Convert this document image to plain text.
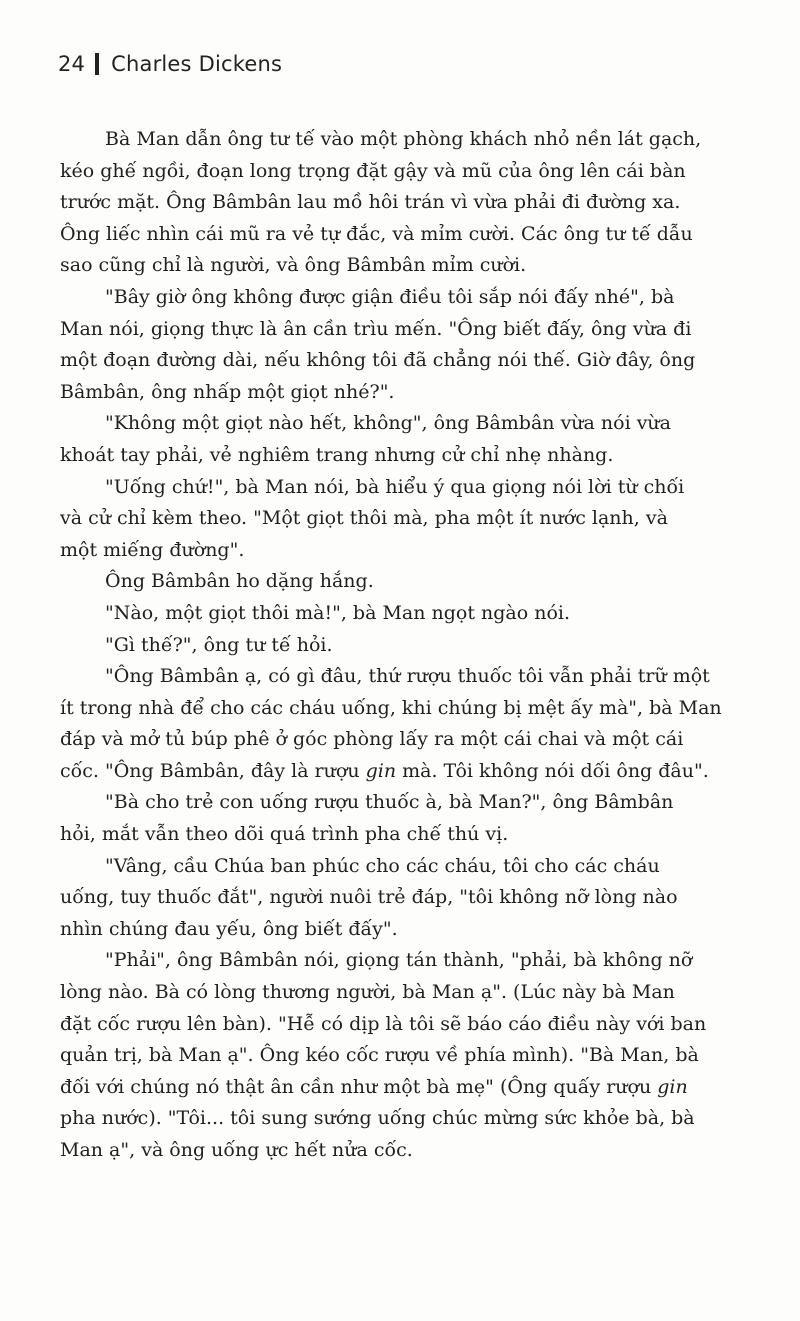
24 Charles Dickens
Bà Man dẫn ông tư tế vào một phòng khách nhỏ nền lát gạch,
kéo ghế ngồi, đoạn long trọng đặt gậy và mũ của ông lên cái bàn
trước mặt. Ông Bâmbân lau mồ hôi trán vì vừa phải đi đường xa.
Ông liếc nhìn cái mũ ra vẻ tự đắc, và mỉm cười. Các ông tư tế dẫu
sao cũng chỉ là người, và ông Bâmbân mỉm cười.
"Bây giờ ông không được giận điều tôi sắp nói đấy nhé", bà
Man nói, giọng thực là ân cần trìu mến. "Ông biết đấy, ông vừa đi
một đoạn đường dài, nếu không tôi đã chẳng nói thế. Giờ đây, ông
Bâmbân, ông nhấp một giọt nhé?".
"Không một giọt nào hết, không", ông Bâmbân vừa nói vừa
khoát tay phải, vẻ nghiêm trang nhưng cử chỉ nhẹ nhàng.
"Uống chứ!", bà Man nói, bà hiểu ý qua giọng nói lời từ chối
và cử chỉ kèm theo. "Một giọt thôi mà, pha một ít nước lạnh, và
một miếng đường".
Ông Bâmbân ho dặng hắng.
"Nào, một giọt thôi mà!", bà Man ngọt ngào nói.
"Gì thế?", ông tư tế hỏi.
"Ông Bâmbân ạ, có gì đâu, thứ rượu thuốc tôi vẫn phải trữ một
ít trong nhà để cho các cháu uống, khi chúng bị mệt ấy mà", bà Man
đáp và mở tủ búp phê ở góc phòng lấy ra một cái chai và một cái
cốc. "Ông Bâmbân, đây là rượu gin mà. Tôi không nói dối ông đâu".
"Bà cho trẻ con uống rượu thuốc à, bà Man?", ông Bâmbân
hỏi, mắt vẫn theo dõi quá trình pha chế thú vị.
"Vâng, cầu Chúa ban phúc cho các cháu, tôi cho các cháu
uống, tuy thuốc đắt", người nuôi trẻ đáp, "tôi không nỡ lòng nào
nhìn chúng đau yếu, ông biết đấy".
"Phải", ông Bâmbân nói, giọng tán thành, "phải, bà không nỡ
lòng nào. Bà có lòng thương người, bà Man ạ". (Lúc này bà Man
đặt cốc rượu lên bàn). "Hễ có dịp là tôi sẽ báo cáo điều này với ban
quản trị, bà Man ạ". Ông kéo cốc rượu về phía mình). "Bà Man, bà
đối với chúng nó thật ân cần như một bà mẹ" (Ông quấy rượu gin
pha nước). "Tôi... tôi sung sướng uống chúc mừng sức khỏe bà, bà
Man ạ", và ông uống ực hết nửa cốc.
